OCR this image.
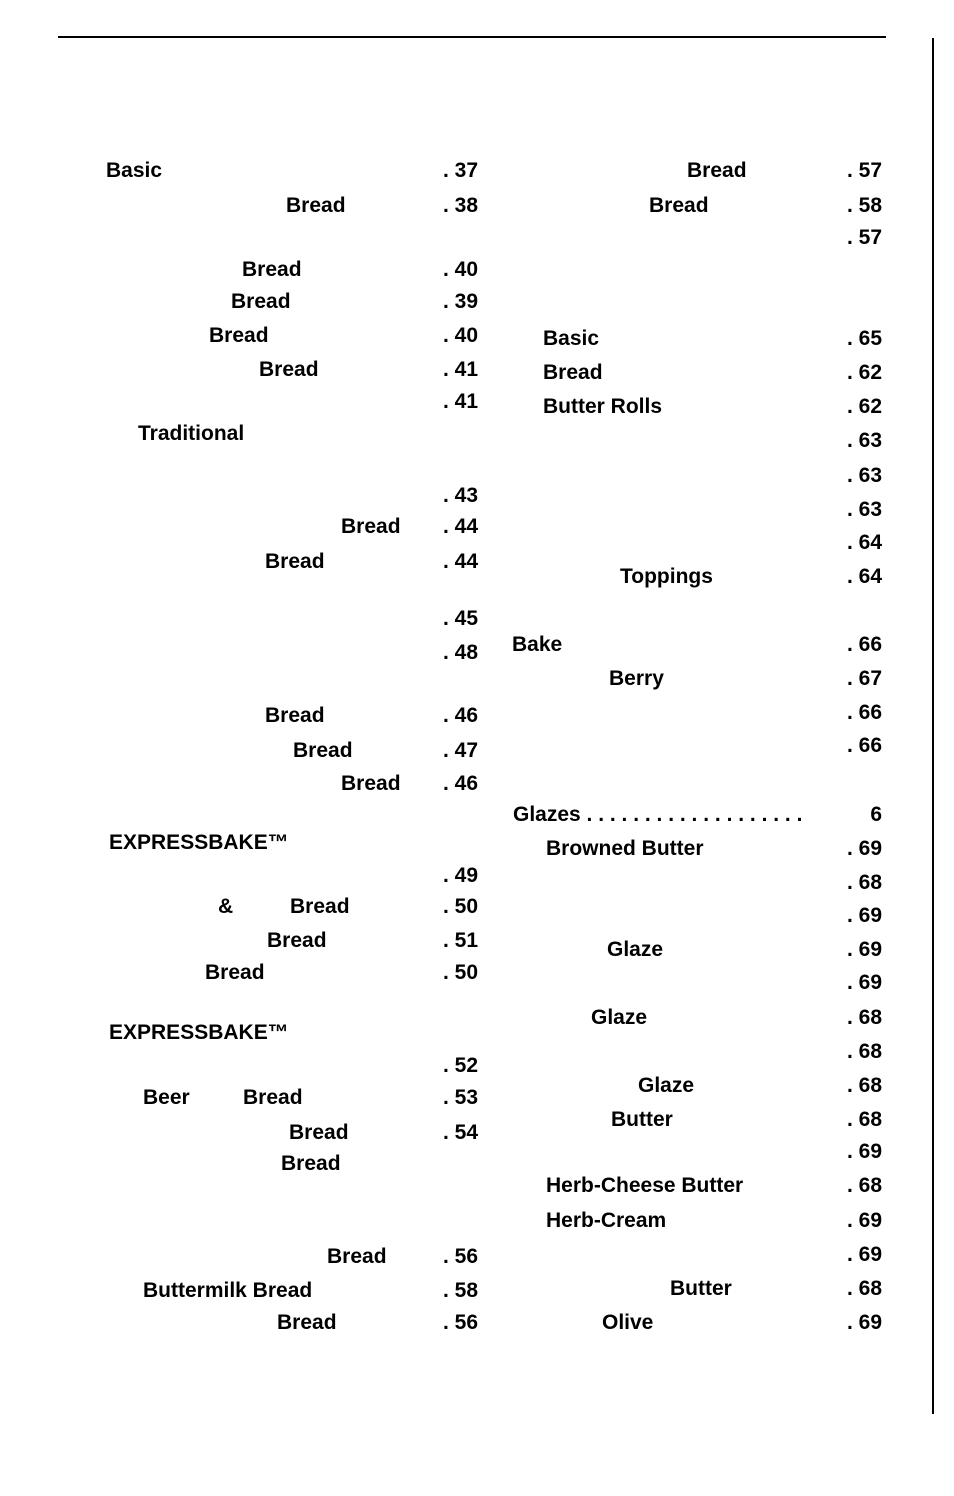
Basic	. 37
Bread	. 38
Bread	. 40
Bread	. 39
Bread	. 40
Bread	. 41
. 41
Traditional
. 43
Bread	. 44
Bread	. 44
. 45
. 48
Bread	. 46
Bread	. 47
Bread	. 46
EXPRESSBAKE™
. 49
&	Bread	. 50
Bread	. 51
Bread	. 50
EXPRESSBAKE™
. 52
Beer	Bread	. 53
Bread	. 54
Bread
Bread	. 56
Buttermilk Bread	. 58
Bread	. 56
Bread	. 57
Bread	. 58
. 57
Basic	. 65
Bread	. 62
Butter Rolls	. 62
. 63
. 63
. 63
. 64
Toppings	. 64
Bake	. 66
Berry	. 67
. 66
. 66
Glazes . . . . . . . . . . . . . . . . . . .	6
Browned Butter	. 69
. 68
. 69
Glaze	. 69
. 69
Glaze	. 68
. 68
Glaze	. 68
Butter	. 68
. 69
Herb-Cheese Butter	. 68
Herb-Cream	. 69
. 69
Butter	. 68
Olive	. 69
